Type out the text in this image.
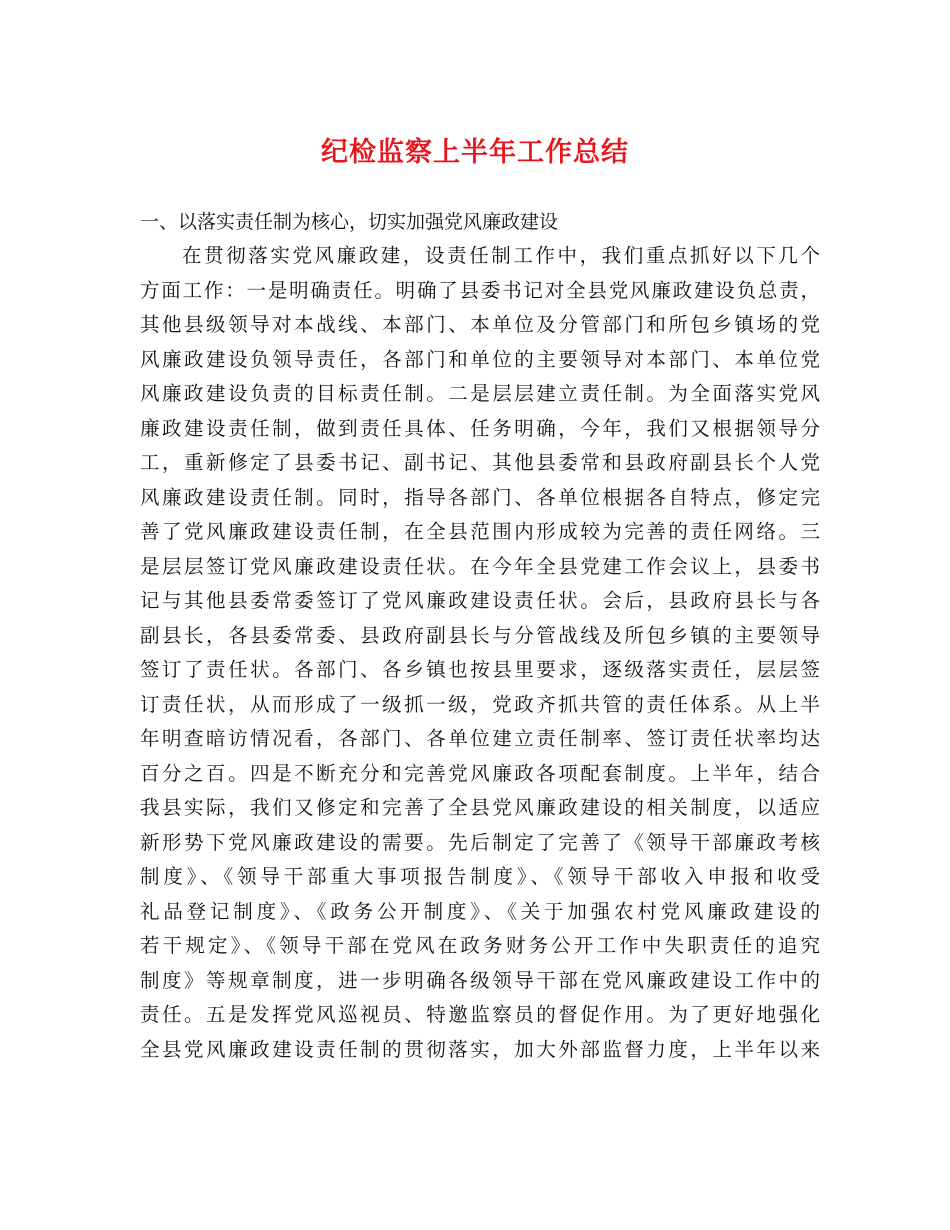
纪检监察上半年工作总结
一、以落实责任制为核心，切实加强党风廉政建设
在贯彻落实党风廉政建，设责任制工作中，我们重点抓好以下几个
方面工作：一是明确责任。明确了县委书记对全县党风廉政建设负总责，
其他县级领导对本战线、本部门、本单位及分管部门和所包乡镇场的党
风廉政建设负领导责任，各部门和单位的主要领导对本部门、本单位党
风廉政建设负责的目标责任制。二是层层建立责任制。为全面落实党风
廉政建设责任制，做到责任具体、任务明确，今年，我们又根据领导分
工，重新修定了县委书记、副书记、其他县委常和县政府副县长个人党
风廉政建设责任制。同时，指导各部门、各单位根据各自特点，修定完
善了党风廉政建设责任制，在全县范围内形成较为完善的责任网络。三
是层层签订党风廉政建设责任状。在今年全县党建工作会议上，县委书
记与其他县委常委签订了党风廉政建设责任状。会后，县政府县长与各
副县长，各县委常委、县政府副县长与分管战线及所包乡镇的主要领导
签订了责任状。各部门、各乡镇也按县里要求，逐级落实责任，层层签
订责任状，从而形成了一级抓一级，党政齐抓共管的责任体系。从上半
年明查暗访情况看，各部门、各单位建立责任制率、签订责任状率均达
百分之百。四是不断充分和完善党风廉政各项配套制度。上半年，结合
我县实际，我们又修定和完善了全县党风廉政建设的相关制度，以适应
新形势下党风廉政建设的需要。先后制定了完善了《领导干部廉政考核
制度》、《领导干部重大事项报告制度》、《领导干部收入申报和收受
礼品登记制度》、《政务公开制度》、《关于加强农村党风廉政建设的
若干规定》、《领导干部在党风在政务财务公开工作中失职责任的追究
制度》等规章制度，进一步明确各级领导干部在党风廉政建设工作中的
责任。五是发挥党风巡视员、特邀监察员的督促作用。为了更好地强化
全县党风廉政建设责任制的贯彻落实，加大外部监督力度，上半年以来
